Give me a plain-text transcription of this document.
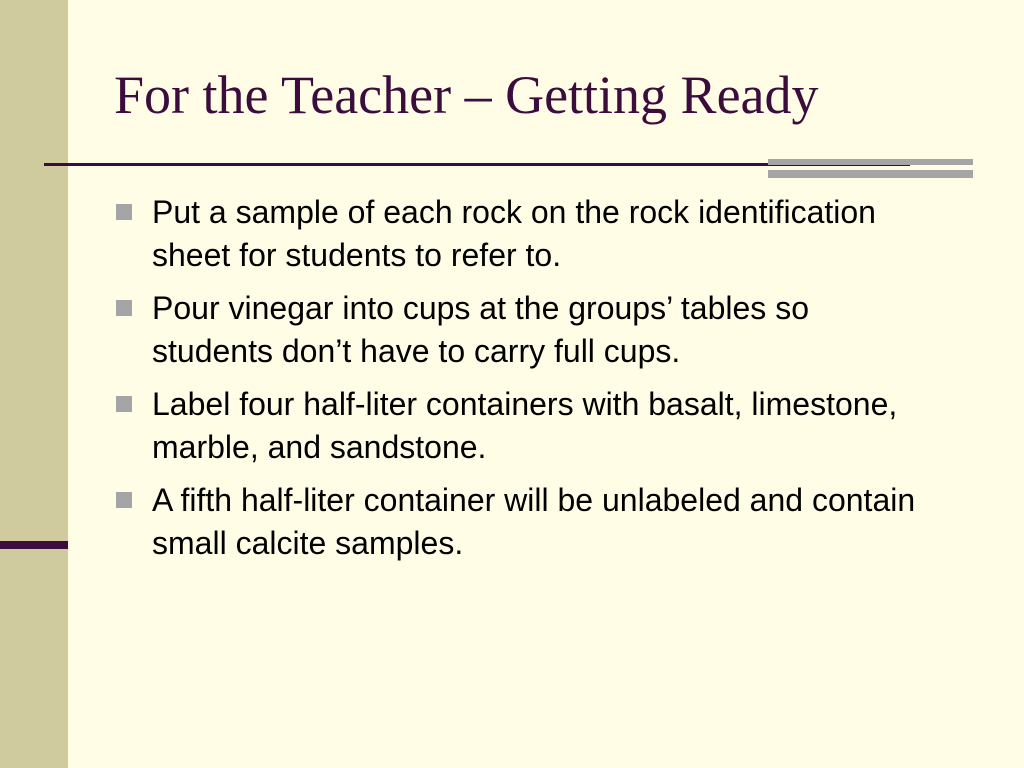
For the Teacher – Getting Ready
Put a sample of each rock on the rock identification sheet for students to refer to.
Pour vinegar into cups at the groups’ tables so students don’t have to carry full cups.
Label four half-liter containers with basalt, limestone, marble, and sandstone.
A fifth half-liter container will be unlabeled and contain small calcite samples.
